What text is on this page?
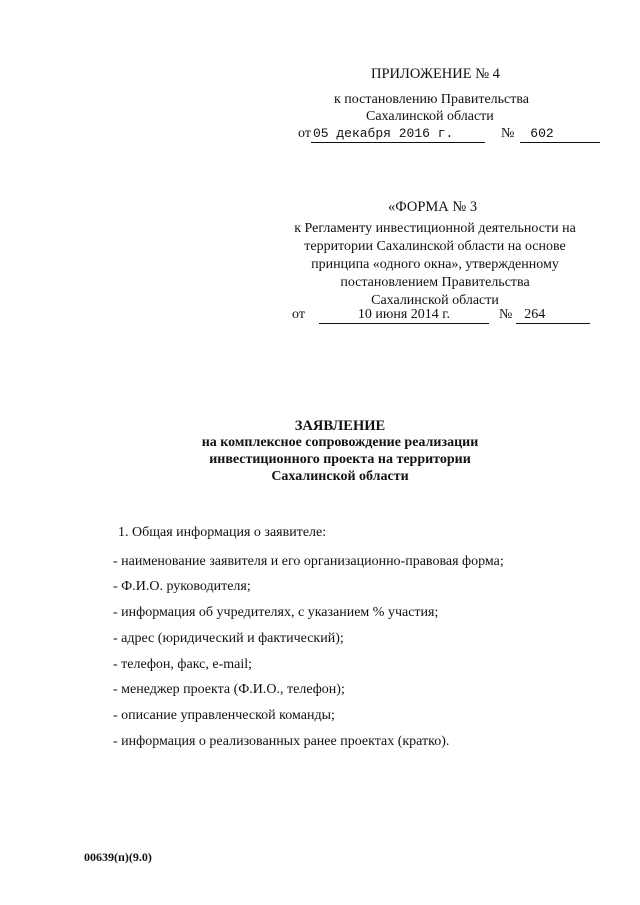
ПРИЛОЖЕНИЕ № 4
к постановлению Правительства
Сахалинской области
от 05 декабря 2016 г.	№ 602
«ФОРМА № 3
к Регламенту инвестиционной деятельности на
территории Сахалинской области на основе
принципа «одного окна», утвержденному
постановлением Правительства
Сахалинской области
от	10 июня 2014 г.	№ 264
ЗАЯВЛЕНИЕ
на комплексное сопровождение реализации
инвестиционного проекта на территории
Сахалинской области
1. Общая информация о заявителе:
- наименование заявителя и его организационно-правовая форма;
- Ф.И.О. руководителя;
- информация об учредителях, с указанием % участия;
- адрес (юридический и фактический);
- телефон, факс, e-mail;
- менеджер проекта (Ф.И.О., телефон);
- описание управленческой команды;
- информация о реализованных ранее проектах (кратко).
00639(п)(9.0)
